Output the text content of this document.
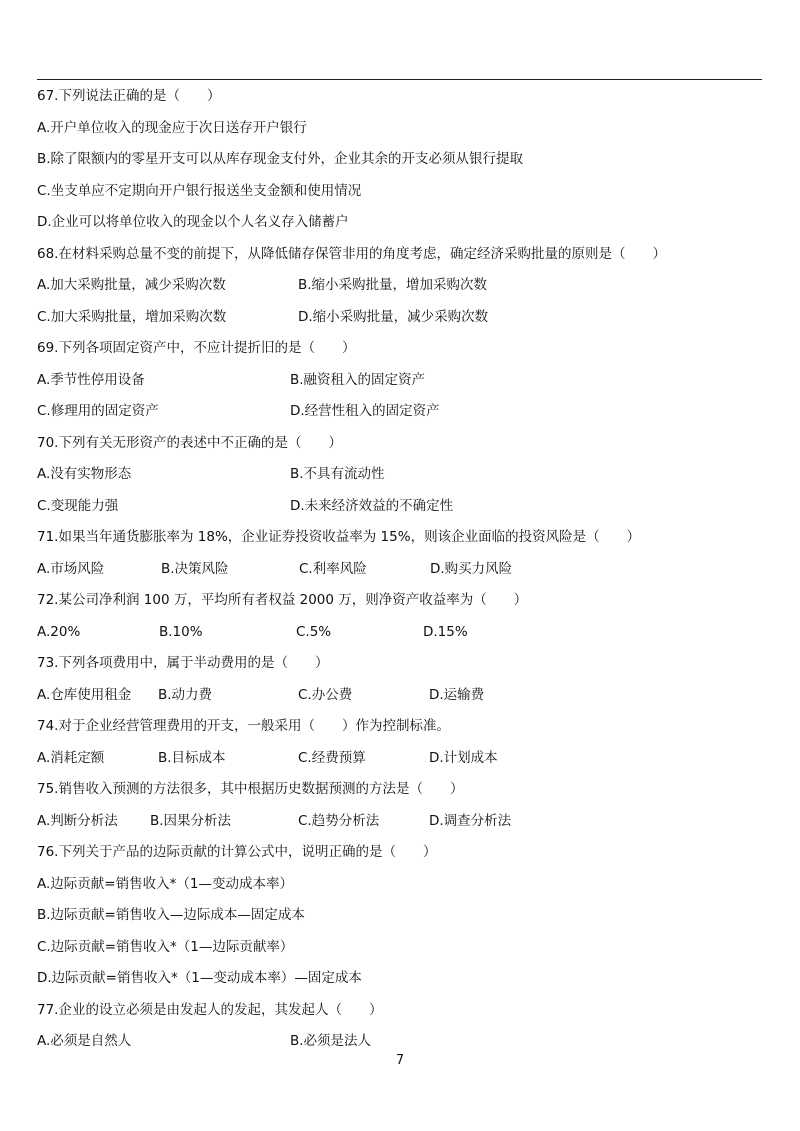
67.下列说法正确的是（　　）
A.开户单位收入的现金应于次日送存开户银行
B.除了限额内的零星开支可以从库存现金支付外，企业其余的开支必须从银行提取
C.坐支单应不定期向开户银行报送坐支金额和使用情况
D.企业可以将单位收入的现金以个人名义存入储蓄户
68.在材料采购总量不变的前提下，从降低储存保管非用的角度考虑，确定经济采购批量的原则是（　　）
A.加大采购批量，减少采购次数	B.缩小采购批量，增加采购次数
C.加大采购批量，增加采购次数	D.缩小采购批量，减少采购次数
69.下列各项固定资产中，不应计提折旧的是（　　）
A.季节性停用设备	B.融资租入的固定资产
C.修理用的固定资产	D.经营性租入的固定资产
70.下列有关无形资产的表述中不正确的是（　　）
A.没有实物形态	B.不具有流动性
C.变现能力强	D.未来经济效益的不确定性
71.如果当年通货膨胀率为 18%，企业证券投资收益率为 15%，则该企业面临的投资风险是（　　）
A.市场风险	B.决策风险	C.利率风险	D.购买力风险
72.某公司净利润 100 万，平均所有者权益 2000 万，则净资产收益率为（　　）
A.20%	B.10%	C.5%	D.15%
73.下列各项费用中，属于半动费用的是（　　）
A.仓库使用租金 B.动力费	C.办公费	D.运输费
74.对于企业经营管理费用的开支，一般采用（　　）作为控制标准。
A.消耗定额	B.目标成本	C.经费预算	D.计划成本
75.销售收入预测的方法很多，其中根据历史数据预测的方法是（　　）
A.判断分析法 B.因果分析法	C.趋势分析法	D.调查分析法
76.下列关于产品的边际贡献的计算公式中，说明正确的是（　　）
A.边际贡献=销售收入*（1—变动成本率）
B.边际贡献=销售收入—边际成本—固定成本
C.边际贡献=销售收入*（1—边际贡献率）
D.边际贡献=销售收入*（1—变动成本率）—固定成本
77.企业的设立必须是由发起人的发起，其发起人（　　）
A.必须是自然人	B.必须是法人
7
